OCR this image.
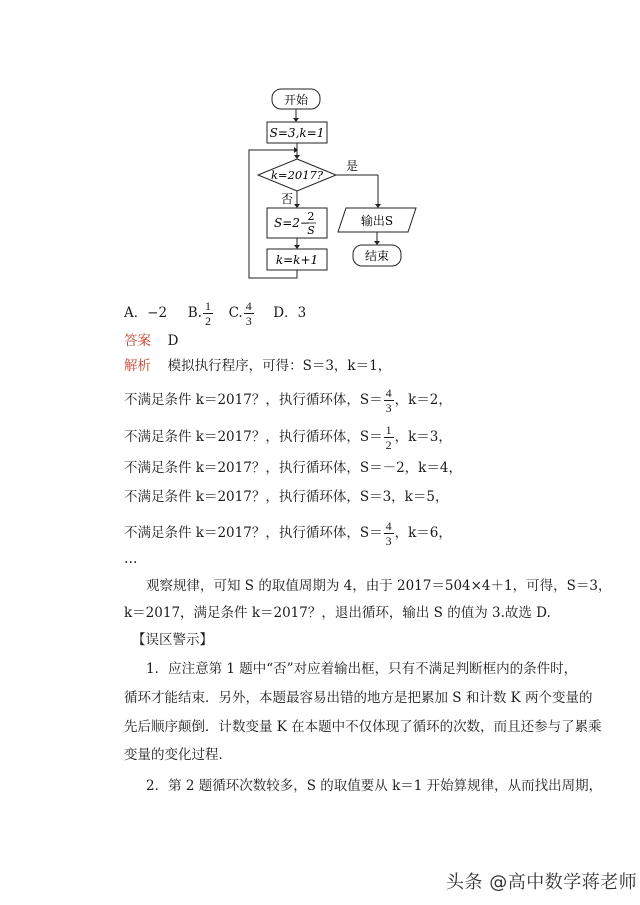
开始
S=3,k=1
k=2017?
是
输出S
结束
否
S=2−
2
S
k=k+1
A．−2 B. $\frac{1}{2} C$. $\frac{4}{3}$ D．3
答案 D
解析 模拟执行程序，可得：S＝3，k＝1，
不满足条件 k＝2017？，执行循环体，$S= \frac{4}{3}$ ，k＝2，
不满足条件 k＝2017？，执行循环体，$S= \frac{1}{2}$ ，k＝3，
不满足条件 k＝2017？，执行循环体，S＝－2，k＝4，
不满足条件 k＝2017？，执行循环体，S＝3，k＝5，
不满足条件 k＝2017？，执行循环体，$S= \frac{4}{3}$ ，k＝6，
…
观察规律，可知 S 的取值周期为 4，由于 2017＝504×4＋1，可得，S＝3，
k＝2017，满足条件 k＝2017？，退出循环，输出 S 的值为 3.故选 D.
【误区警示】
1．应注意第 1 题中“否”对应着输出框，只有不满足判断框内的条件时，
循环才能结束．另外，本题最容易出错的地方是把累加 S 和计数 K 两个变量的
先后顺序颠倒．计数变量 K 在本题中不仅体现了循环的次数，而且还参与了累乘
变量的变化过程．
2．第 2 题循环次数较多，S 的取值要从 k＝1 开始算规律，从而找出周期，
头条 @高中数学蒋老师
